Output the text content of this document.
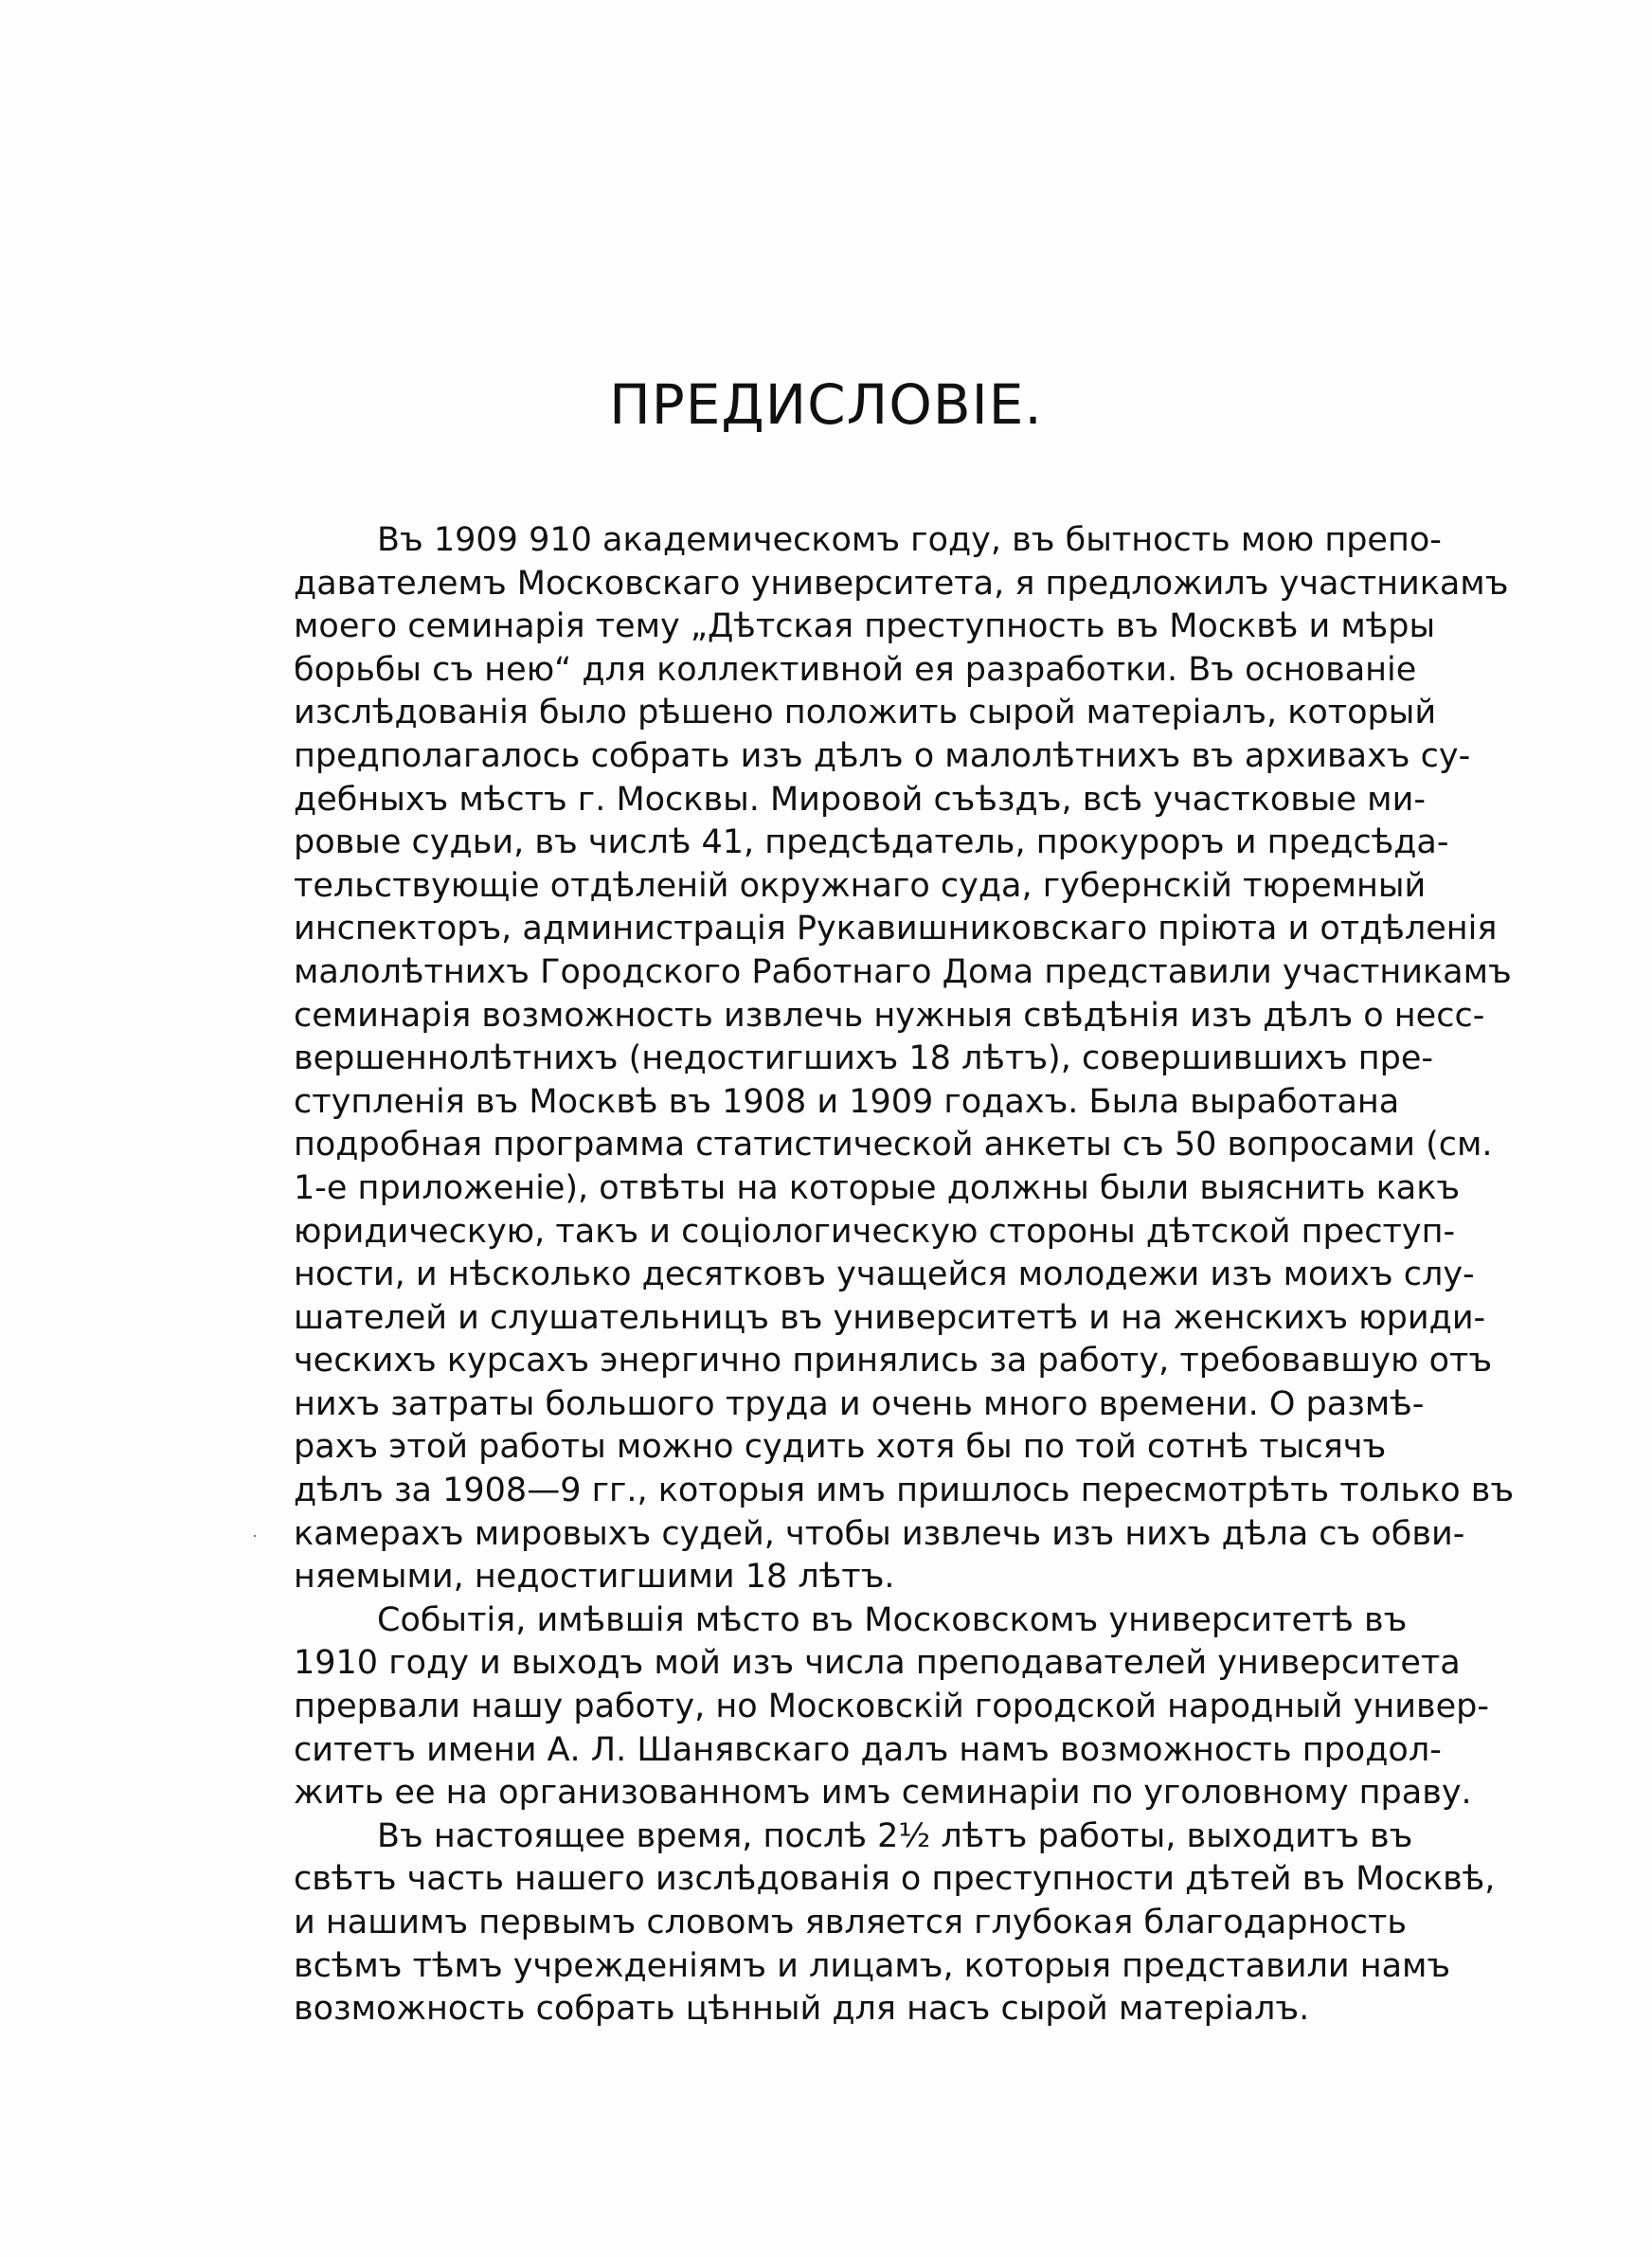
ПРЕДИСЛОВІЕ.
Въ 1909 910 академическомъ году, въ бытность мою препо-
давателемъ Московскаго университета, я предложилъ участникамъ
моего семинарія тему „Дѣтская преступность въ Москвѣ и мѣры
борьбы съ нею“ для коллективной ея разработки. Въ основаніе
изслѣдованія было рѣшено положить сырой матеріалъ, который
предполагалось собрать изъ дѣлъ о малолѣтнихъ въ архивахъ су-
дебныхъ мѣстъ г. Москвы. Мировой съѣздъ, всѣ участковые ми-
ровые судьи, въ числѣ 41, предсѣдатель, прокуроръ и предсѣда-
тельствующіе отдѣленій окружнаго суда, губернскій тюремный
инспекторъ, администрація Рукавишниковскаго пріюта и отдѣленія
малолѣтнихъ Городского Работнаго Дома представили участникамъ
семинарія возможность извлечь нужныя свѣдѣнія изъ дѣлъ о несс-
вершеннолѣтнихъ (недостигшихъ 18 лѣтъ), совершившихъ пре-
ступленія въ Москвѣ въ 1908 и 1909 годахъ. Была выработана
подробная программа статистической анкеты съ 50 вопросами (см.
1-е приложеніе), отвѣты на которые должны были выяснить какъ
юридическую, такъ и соціологическую стороны дѣтской преступ-
ности, и нѣсколько десятковъ учащейся молодежи изъ моихъ слу-
шателей и слушательницъ въ университетѣ и на женскихъ юриди-
ческихъ курсахъ энергично принялись за работу, требовавшую отъ
нихъ затраты большого труда и очень много времени. О размѣ-
рахъ этой работы можно судить хотя бы по той сотнѣ тысячъ
дѣлъ за 1908—9 гг., которыя имъ пришлось пересмотрѣть только въ
камерахъ мировыхъ судей, чтобы извлечь изъ нихъ дѣла съ обви-
няемыми, недостигшими 18 лѣтъ.
Событія, имѣвшія мѣсто въ Московскомъ университетѣ въ
1910 году и выходъ мой изъ числа преподавателей университета
прервали нашу работу, но Московскій городской народный универ-
ситетъ имени А. Л. Шанявскаго далъ намъ возможность продол-
жить ее на организованномъ имъ семинаріи по уголовному праву.
Въ настоящее время, послѣ 2½ лѣтъ работы, выходитъ въ
свѣтъ часть нашего изслѣдованія о преступности дѣтей въ Москвѣ,
и нашимъ первымъ словомъ является глубокая благодарность
всѣмъ тѣмъ учрежденіямъ и лицамъ, которыя представили намъ
возможность собрать цѣнный для насъ сырой матеріалъ.
